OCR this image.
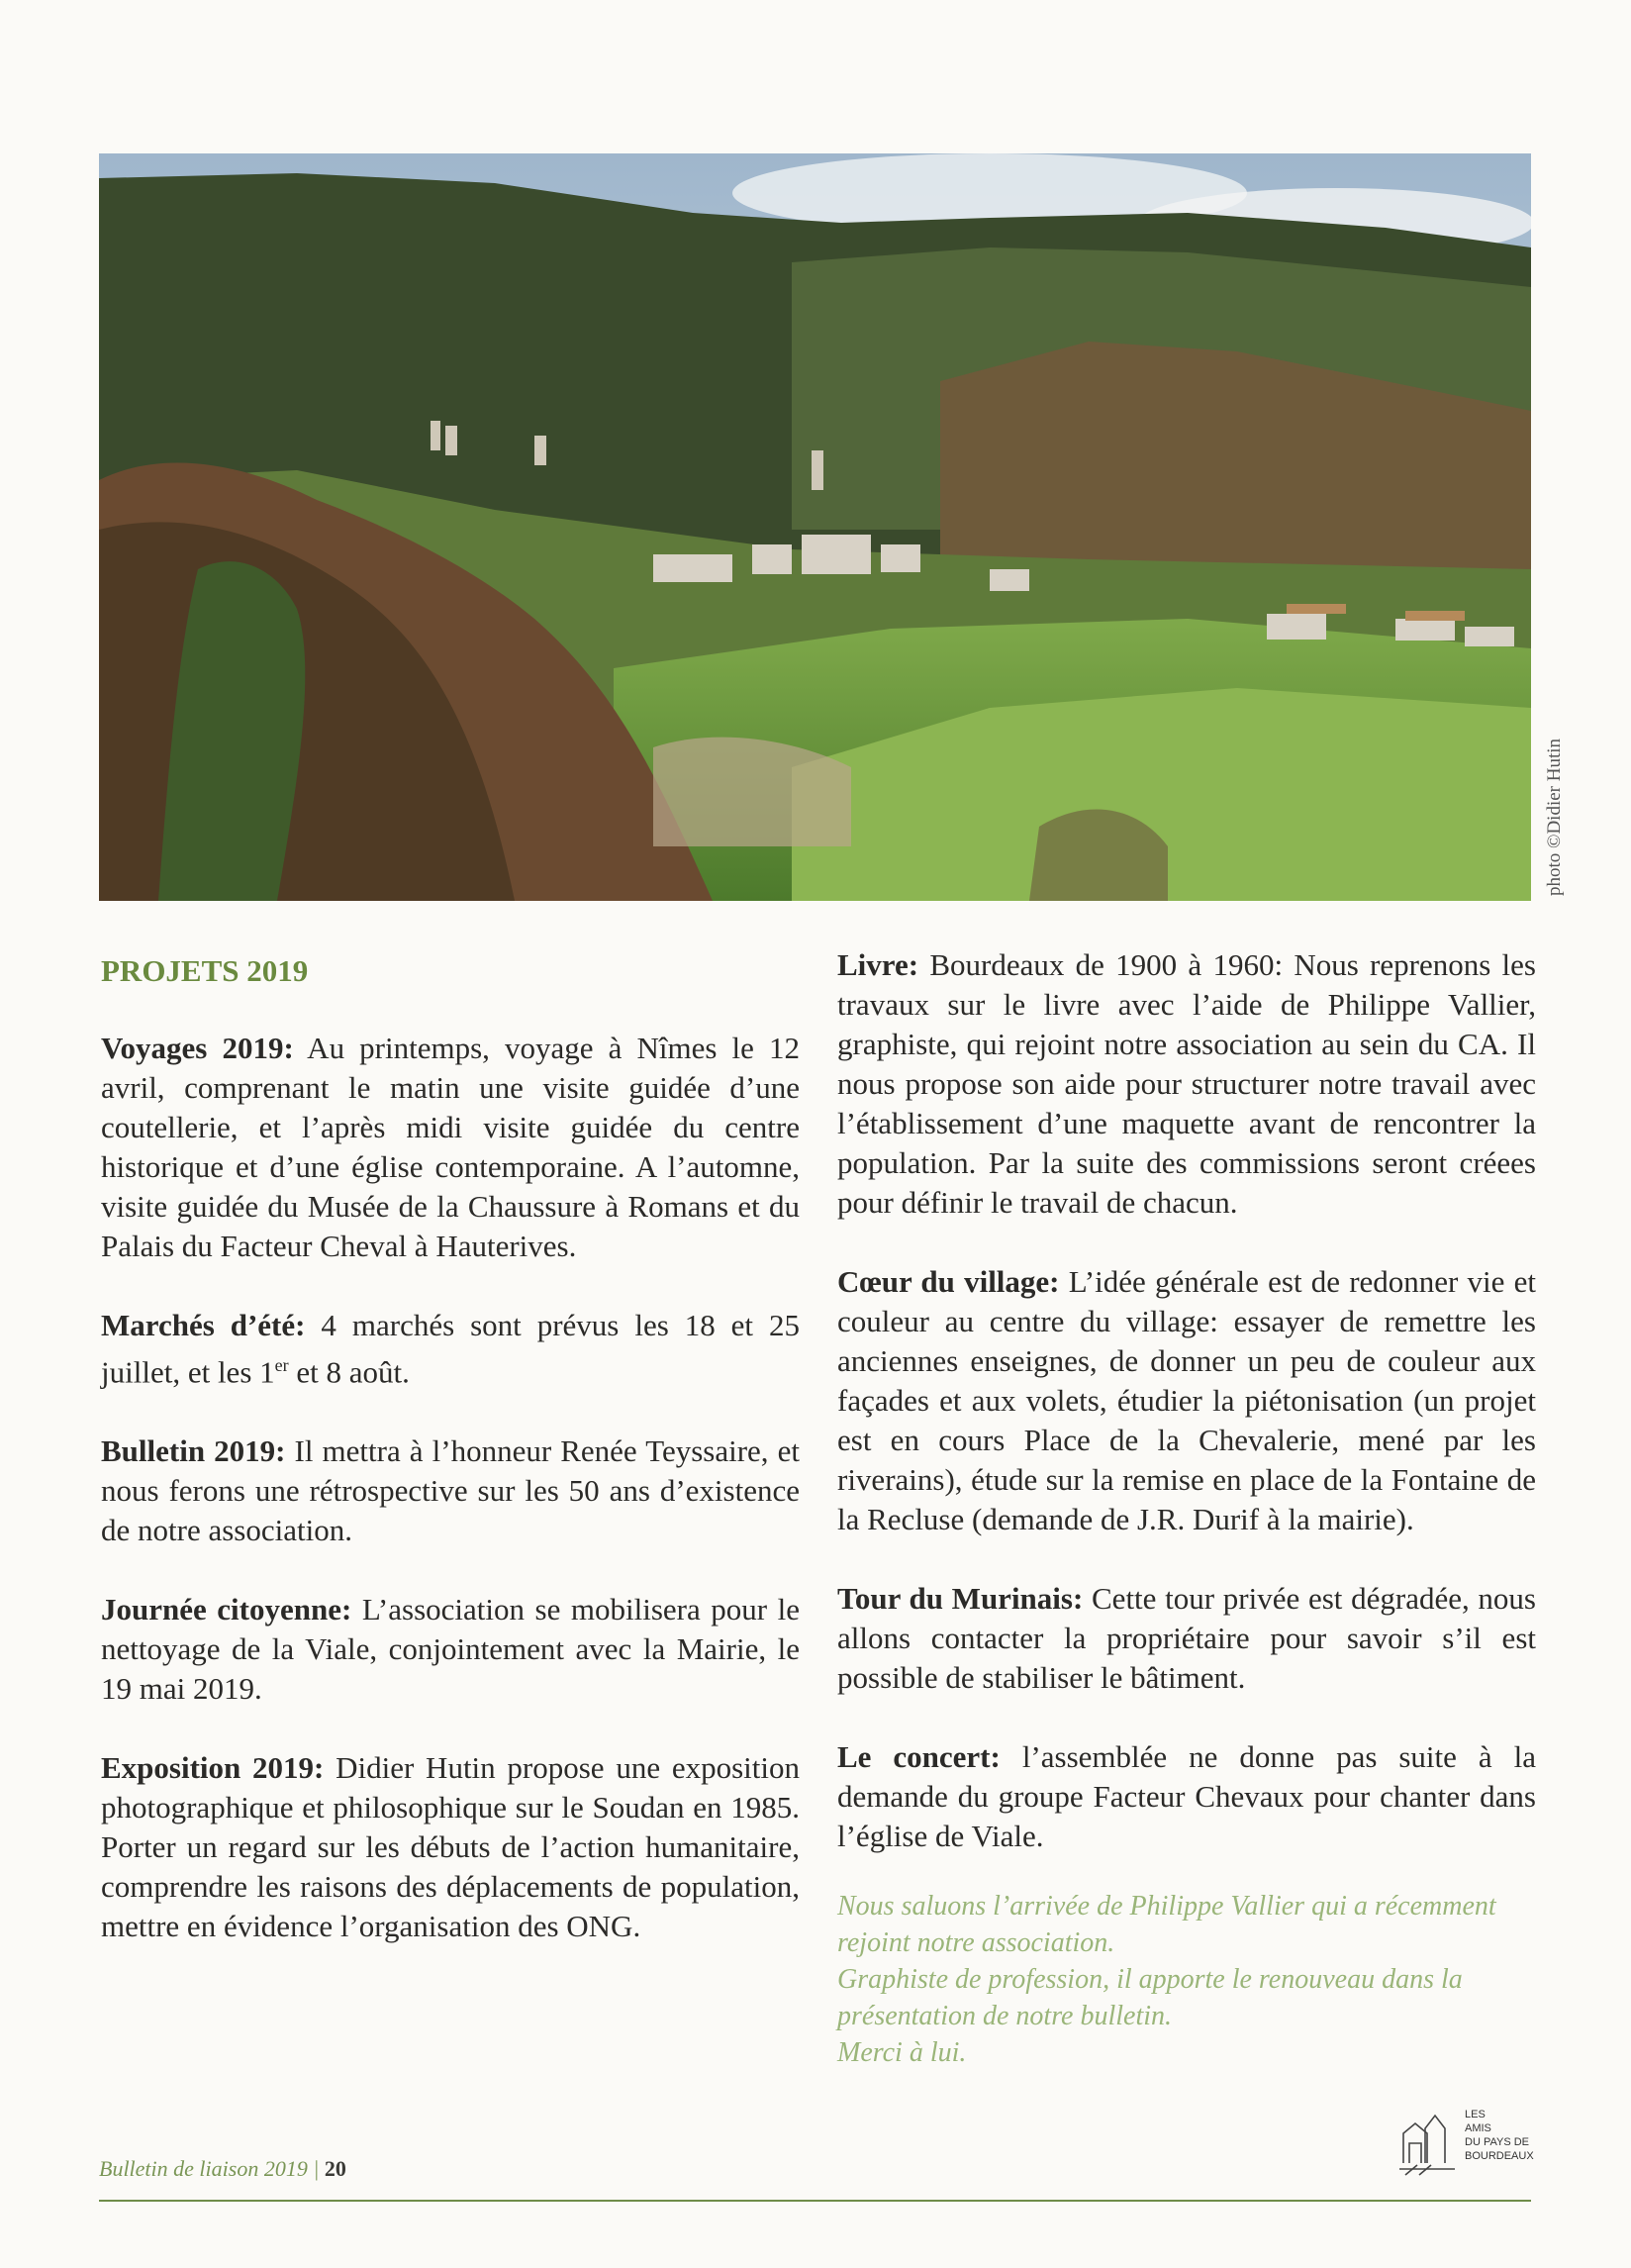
photo ©Didier Hutin
PROJETS 2019

Voyages 2019: Au printemps, voyage à Nîmes le 12 avril, comprenant le matin une visite guidée d’une coutellerie, et l’après midi visite guidée du centre historique et d’une église contemporaine. A l’automne, visite guidée du Musée de la Chaussure à Romans et du Palais du Facteur Cheval à Hauterives.

Marchés d’été: 4 marchés sont prévus les 18 et 25 juillet, et les 1er et 8 août.

Bulletin 2019: Il mettra à l’honneur Renée Teyssaire, et nous ferons une rétrospective sur les 50 ans d’existence de notre association.

Journée citoyenne: L’association se mobilisera pour le nettoyage de la Viale, conjointement avec la Mairie, le 19 mai 2019.

Exposition 2019: Didier Hutin propose une exposition photographique et philosophique sur le Soudan en 1985. Porter un regard sur les débuts de l’action humanitaire, comprendre les raisons des déplacements de population, mettre en évidence l’organisation des ONG.

Livre: Bourdeaux de 1900 à 1960: Nous reprenons les travaux sur le livre avec l’aide de Philippe Vallier, graphiste, qui rejoint notre association au sein du CA. Il nous propose son aide pour structurer notre travail avec l’établissement d’une maquette avant de rencontrer la population. Par la suite des commissions seront créees pour définir le travail de chacun.

Cœur du village: L’idée générale est de redonner vie et couleur au centre du village: essayer de remettre les anciennes enseignes, de donner un peu de couleur aux façades et aux volets, étudier la piétonisation (un projet est en cours Place de la Chevalerie, mené par les riverains), étude sur la remise en place de la Fontaine de la Recluse (demande de J.R. Durif à la mairie).

Tour du Murinais: Cette tour privée est dégradée, nous allons contacter la propriétaire pour savoir s’il est possible de stabiliser le bâtiment.

Le concert: l’assemblée ne donne pas suite à la demande du groupe Facteur Chevaux pour chanter dans l’église de Viale.

Nous saluons l’arrivée de Philippe Vallier qui a récemment rejoint notre association.
Graphiste de profession, il apporte le renouveau dans la présentation de notre bulletin.
Merci à lui.
Bulletin de liaison 2019 | 20
LES
AMIS
DU PAYS DE
BOURDEAUX
